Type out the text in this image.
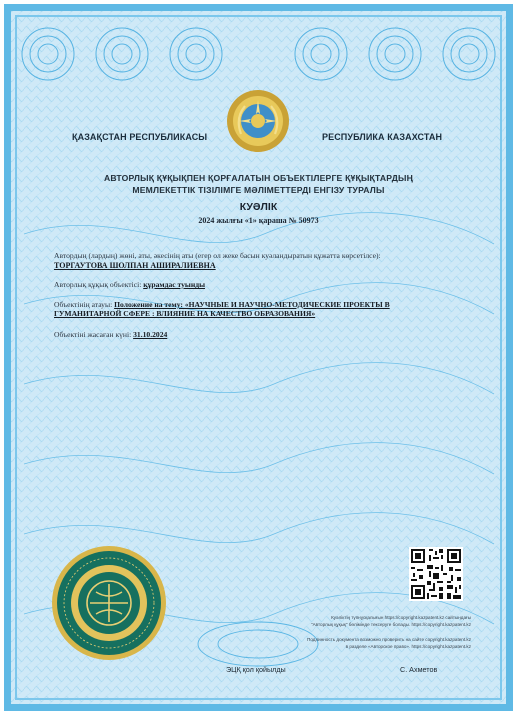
ҚАЗАҚСТАН РЕСПУБЛИКАСЫ	РЕСПУБЛИКА КАЗАХСТАН
АВТОРЛЫҚ ҚҰҚЫҚПЕН ҚОРҒАЛАТЫН ОБЪЕКТІЛЕРГЕ ҚҰҚЫҚТАРДЫҢ
МЕМЛЕКЕТТІК ТІЗІЛІМГЕ МӘЛІМЕТТЕРДІ ЕНГІЗУ ТУРАЛЫ
КУӘЛІК
2024 жылғы «1» қараша № 50973
Автордың (лардың) жөні, аты, әкесінің аты (егер ол жеке басын куәландыратын құжатта көрсетілсе):
ТОРГАУТОВА ШОЛПАН АШИРАЛИЕВНА
Авторлық құқық объектісі: құрамдас туынды
Объектінің атауы: Положение на тему: «НАУЧНЫЕ И НАУЧНО-МЕТОДИЧЕСКИЕ ПРОЕКТЫ В
ГУМАНИТАРНОЙ СФЕРЕ : ВЛИЯНИЕ НА КАЧЕСТВО ОБРАЗОВАНИЯ»
Объектіні жасаған күні: 31.10.2024
Куәліктің түпнұсқалығын https://copyright.kazpatent.kz сайтындағы
"Авторлық құқық" бөлімінде тексеруге болады. https://copyright.kazpatent.kz
Подлинность документа возможно проверить на сайте copyright.kazpatent.kz
в разделе «Авторское право». https://copyright.kazpatent.kz
ЭЦҚ қол қойылды	С. Ахметов
